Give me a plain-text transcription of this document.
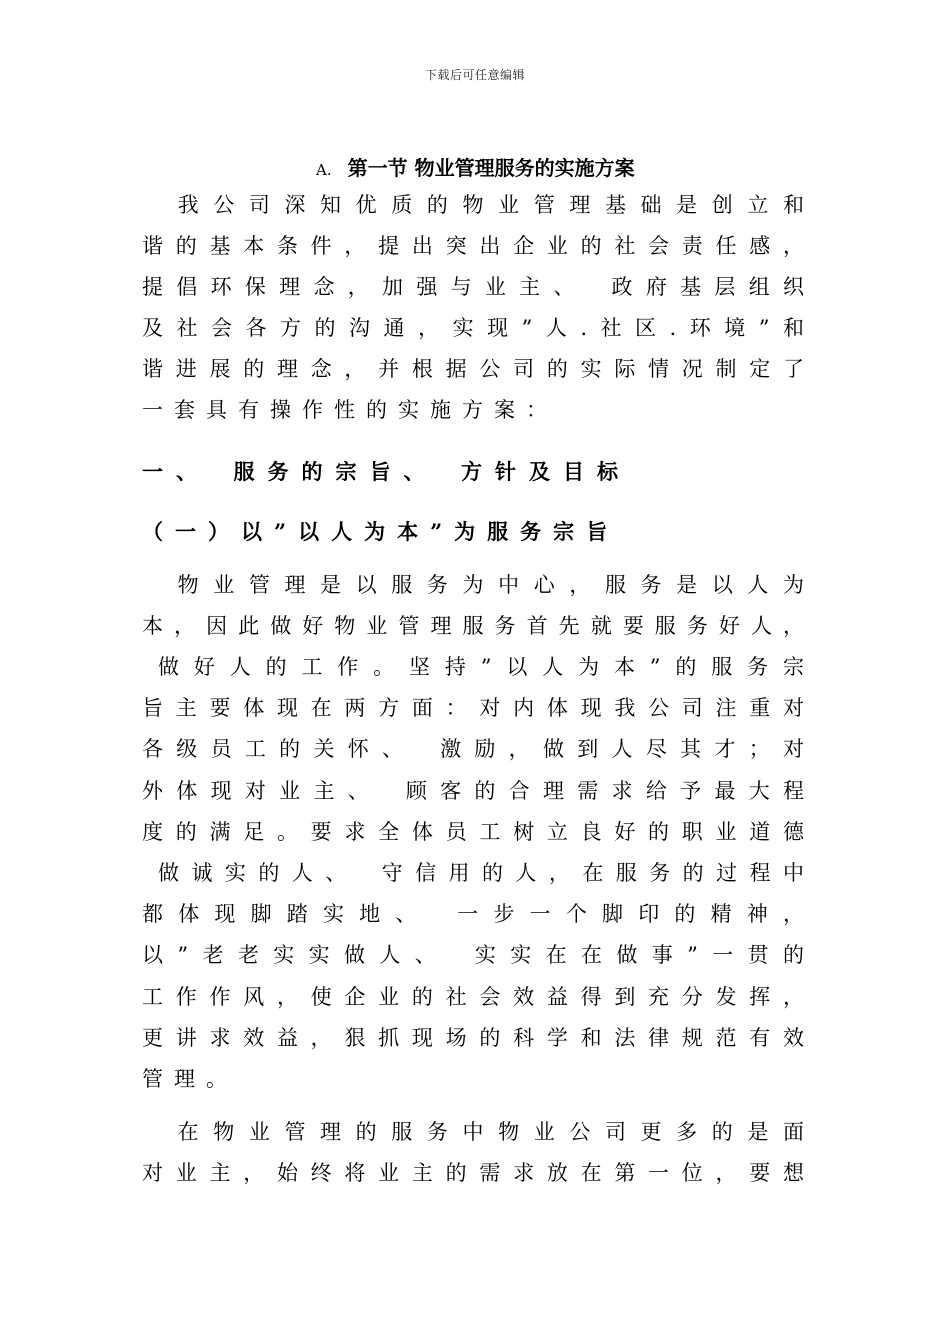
下载后可任意编辑
A. 第一节 物业管理服务的实施方案
　我公司深知优质的物业管理基础是创立和
谐的基本条件，提出突出企业的社会责任感，
提倡环保理念，加强与业主、　政府基层组织
及社会各方的沟通，实现”人.社区.环境”和
谐进展的理念，并根据公司的实际情况制定了
一套具有操作性的实施方案：
一、　服务的宗旨、　方针及目标
（一）以”以人为本”为服务宗旨
　物业管理是以服务为中心，服务是以人为
本，因此做好物业管理服务首先就要服务好人，
做好人的工作。坚持”以人为本”的服务宗
旨主要体现在两方面：对内体现我公司注重对
各级员工的关怀、　激励，做到人尽其才；对
外体现对业主、　顾客的合理需求给予最大程
度的满足。要求全体员工树立良好的职业道德
做诚实的人、　守信用的人，在服务的过程中
都体现脚踏实地、　一步一个脚印的精神，
以”老老实实做人、　实实在在做事”一贯的
工作作风，使企业的社会效益得到充分发挥，
更讲求效益，狠抓现场的科学和法律规范有效
管理。
　在物业管理的服务中物业公司更多的是面
对业主，始终将业主的需求放在第一位，要想
